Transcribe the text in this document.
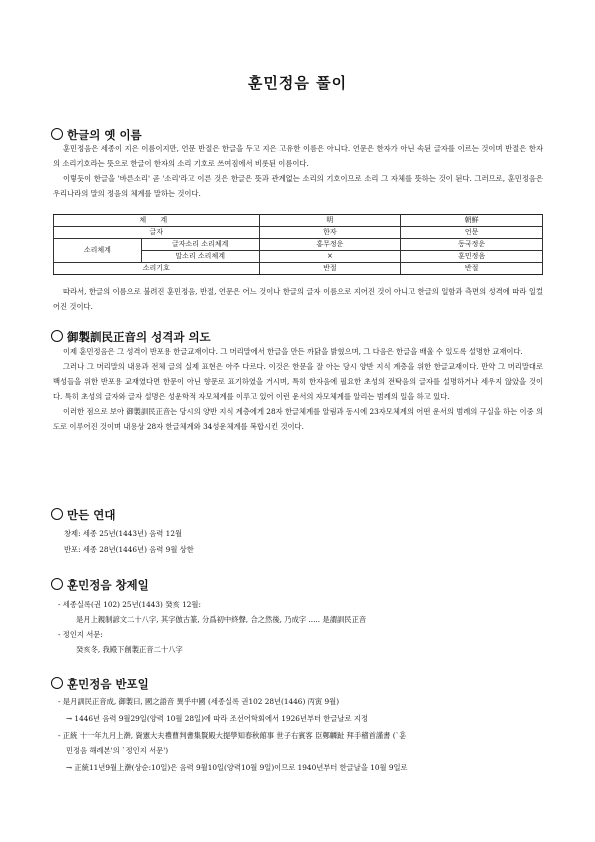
훈민정음 풀이
한글의 옛 이름

훈민정음은 세종이 지은 이름이지만, 언문 반절은 한글을 두고 지은 고유한 이름은 아니다. 언문은 한자가 아닌 속된 글자를 이르는 것이며 반절은 한자의 소리기호라는 뜻으로 한글이 한자의 소리 기호로 쓰여짐에서 비롯된 이름이다.

이렇듯이 한글을 '바른소리' 곧 '소리'라고 이른 것은 한글은 뜻과 관계없는 소리의 기호이므로 소리 그 자체를 뜻하는 것이 된다. 그러므로, 훈민정음은 우리나라의 말의 정음의 체계를 말하는 것이다.

체 계		明	朝鮮
글자		한자	언문
소리체계	글자소리 소리체계	홍무정운	동국정운
	말소리 소리체계	×	훈민정음
소리기호		반절	반절

따라서, 한글의 이름으로 불려진 훈민정음, 반절, 언문은 어느 것이나 한글의 글자 이름으로 지어진 것이 아니고 한글의 일함과 측면의 성격에 따라 일컬어진 것이다.

御製訓民正音의 성격과 의도

이제 훈민정음은 그 성격이 반포용 한글교재이다. 그 머리말에서 한글을 만든 까닭을 밝혔으며, 그 다음은 한글을 배울 수 있도록 설명한 교재이다.

그러나 그 머리말의 내용과 전체 글의 실제 표현은 아주 다르다. 이것은 한문을 잘 아는 당시 양반 지식 계층을 위한 한글교재이다. 만약 그 머리말대로 백성들을 위한 반포용 교재였다면 한문이 아닌 향문로 표기하였을 거시며, 특히 한자음에 필요한 초성의 전탁음의 글자를 설명하거나 세우지 않았을 것이다. 특히 초성의 글자와 글자 설명은 성운학적 자모체계를 이루고 있어 이런 운서의 자모체계를 알리는 범례의 일을 하고 있다.

이러한 점으로 보아 御製訓民正音는 당시의 양반 지식 계층에게 28자 한글체계를 알림과 동시에 23자모체계의 어떤 운서의 범례의 구실을 하는 이중 의도로 이루어진 것이며 내용상 28자 한글체계와 34성운체계를 복합시킨 것이다.

만든 연대
창제: 세종 25년(1443년) 음력 12월
반포: 세종 28년(1446년) 음력 9월 상한
훈민정음 창제일
- 세종실록(권 102) 25년(1443) 癸亥 12월:
是月上親制諺文二十八字, 其字倣古篆, 分爲初中終聲, 合之然後, 乃成字 ..... 是謂訓民正音
- 정인지 서문:
癸亥冬, 我殿下創製正音二十八字
훈민정음 반포일
- 是月訓民正音成, 御製曰, 國之語音 異乎中國 (세종실록 권102 28년(1446) 丙寅 9월)
→ 1446년 음력 9월29일(양력 10월 28일)에 따라 조선어학회에서 1926년부터 한글날로 지정
- 正統 十一年九月上澣, 資憲大夫禮曹判書集賢殿大提學知春秋館事 世子右賓客 臣鄭麟趾 拜手稽首謹書 (`훈
민정음 해례본'의 `정인지 서문')
→ 正統11년9월上澣(상순:10일)은 음력 9월10일(양력10월 9일)이므로 1940년부터 한글날을 10월 9일로
